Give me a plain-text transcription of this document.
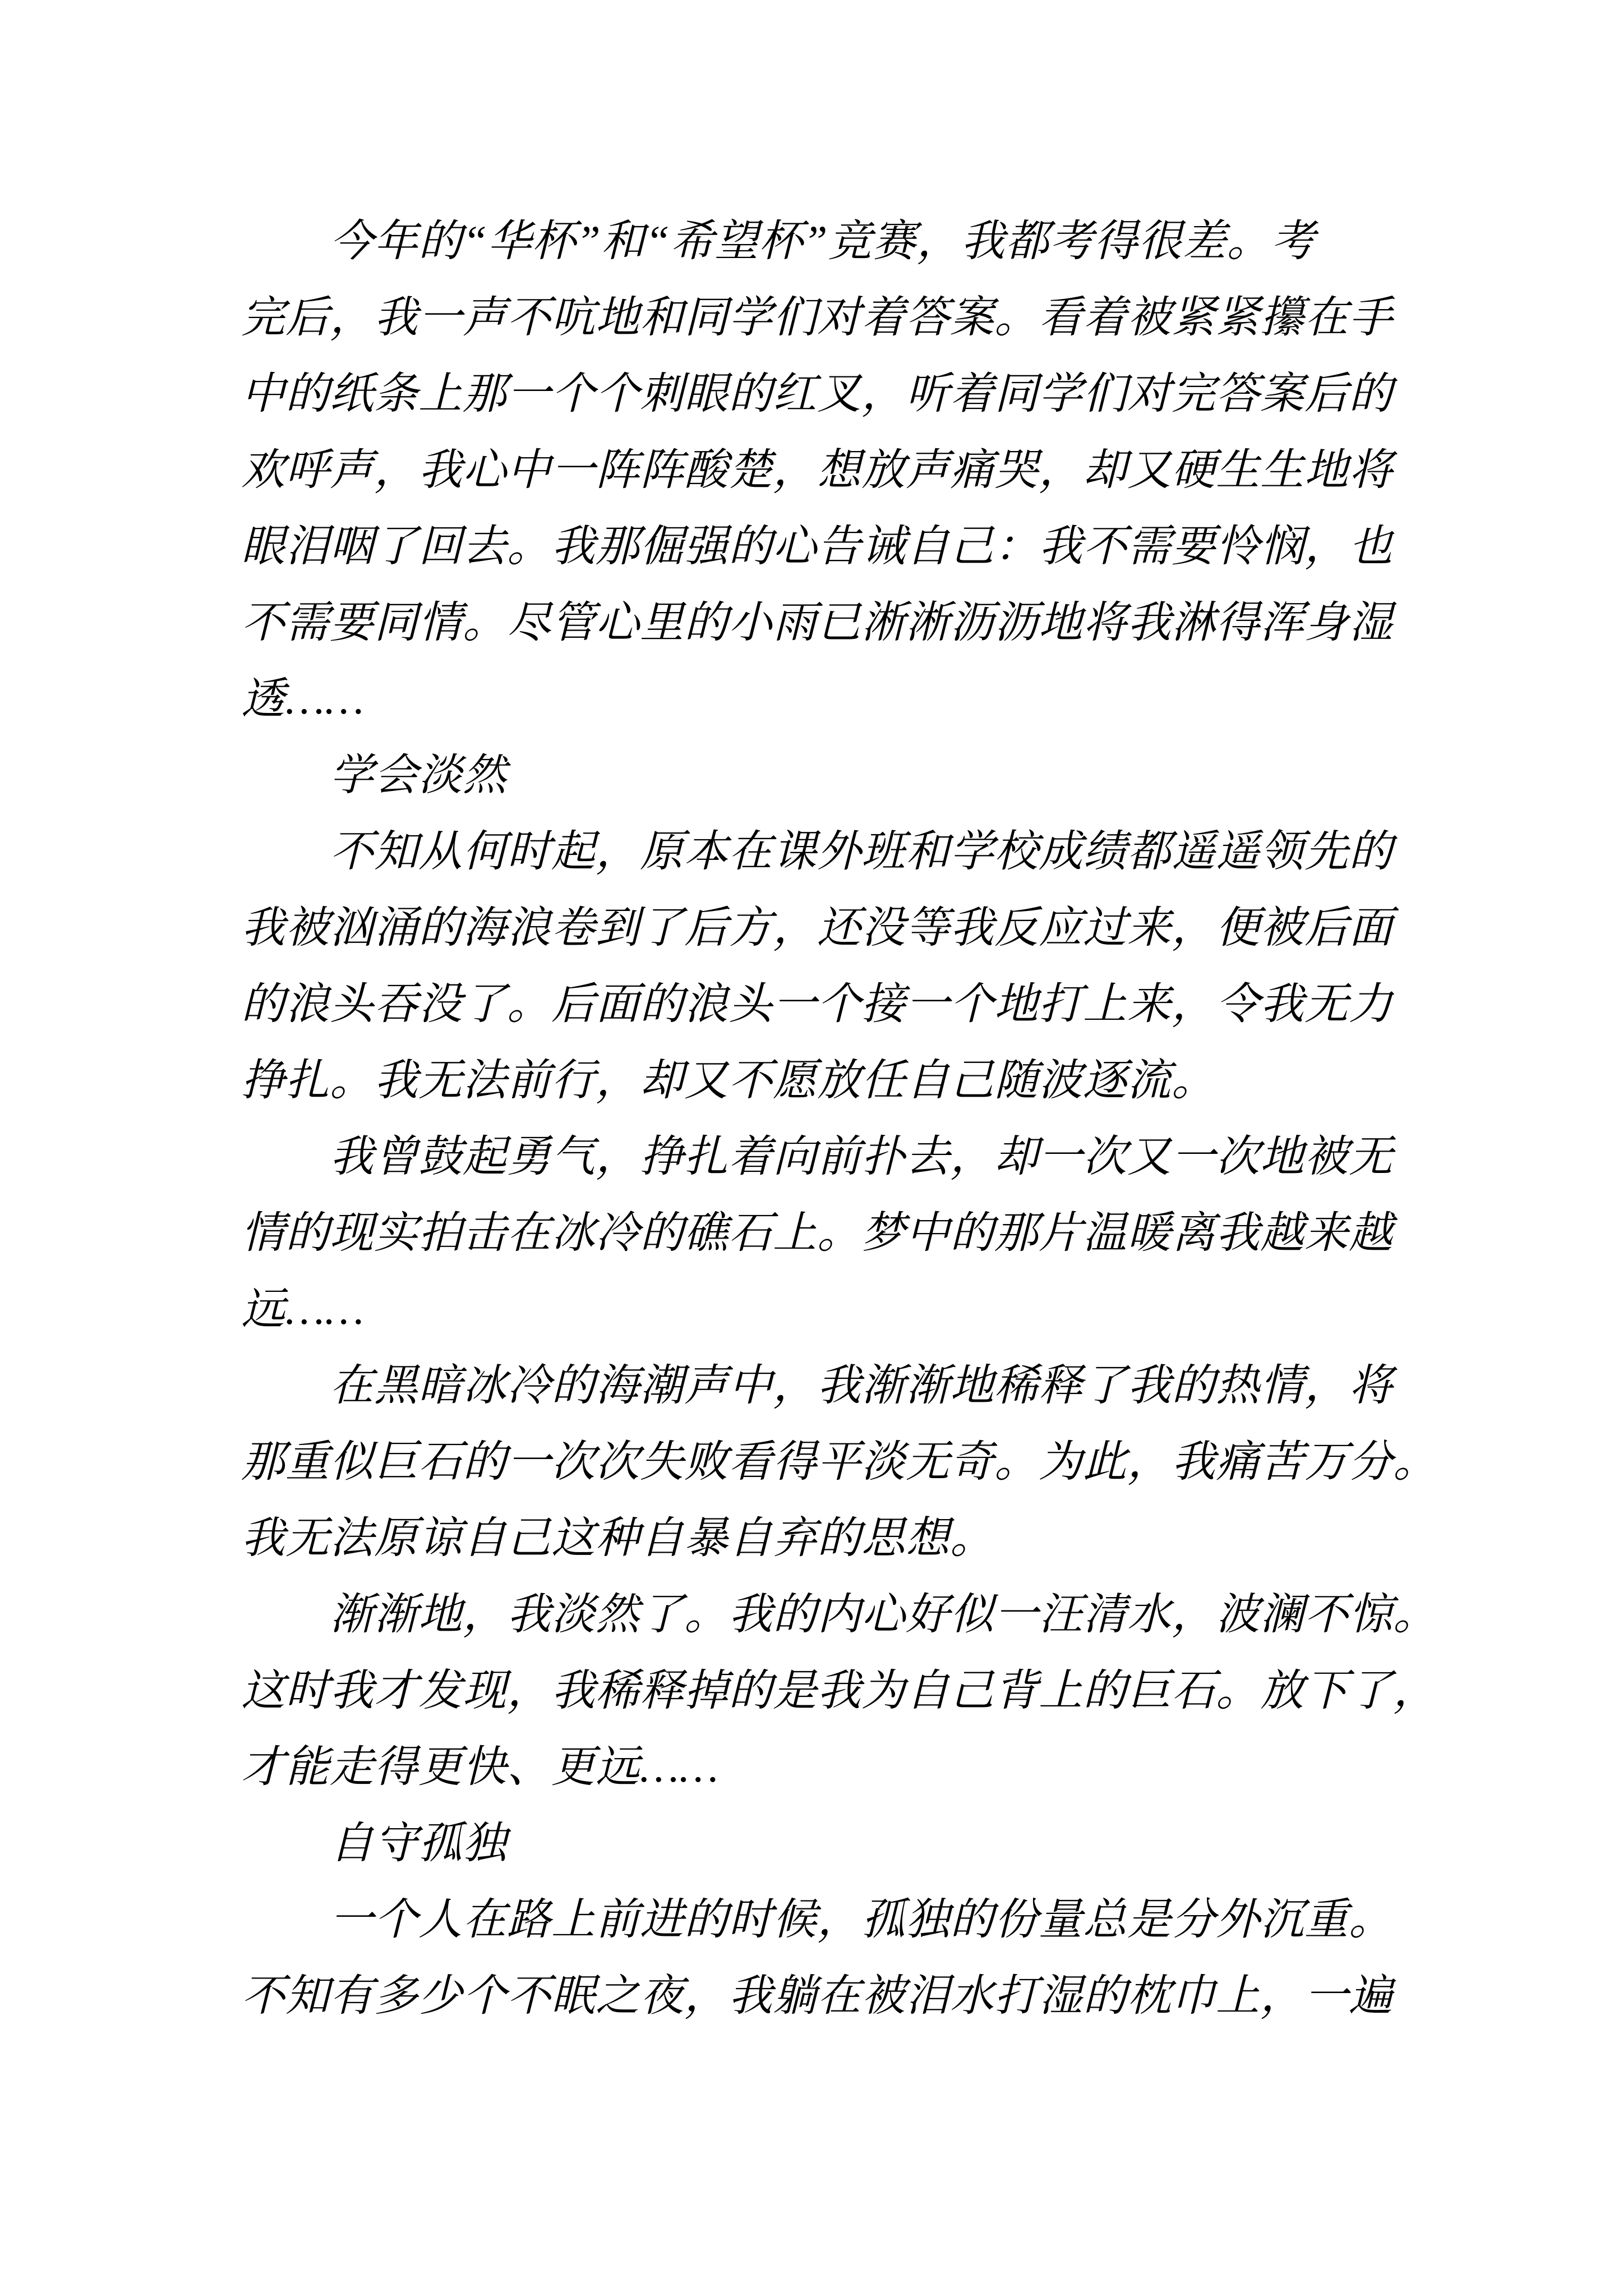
　　今年的“华杯”和“希望杯”竞赛，我都考得很差。考
完后，我一声不吭地和同学们对着答案。看着被紧紧攥在手
中的纸条上那一个个刺眼的红叉，听着同学们对完答案后的
欢呼声，我心中一阵阵酸楚，想放声痛哭，却又硬生生地将
眼泪咽了回去。我那倔强的心告诫自己：我不需要怜悯，也
不需要同情。尽管心里的小雨已淅淅沥沥地将我淋得浑身湿
透……
　　学会淡然
　　不知从何时起，原本在课外班和学校成绩都遥遥领先的
我被汹涌的海浪卷到了后方，还没等我反应过来，便被后面
的浪头吞没了。后面的浪头一个接一个地打上来，令我无力
挣扎。我无法前行，却又不愿放任自己随波逐流。
　　我曾鼓起勇气，挣扎着向前扑去，却一次又一次地被无
情的现实拍击在冰冷的礁石上。梦中的那片温暖离我越来越
远……
　　在黑暗冰冷的海潮声中，我渐渐地稀释了我的热情，将
那重似巨石的一次次失败看得平淡无奇。为此，我痛苦万分。
我无法原谅自己这种自暴自弃的思想。
　　渐渐地，我淡然了。我的内心好似一汪清水，波澜不惊。
这时我才发现，我稀释掉的是我为自己背上的巨石。放下了，
才能走得更快、更远……
　　自守孤独
　　一个人在路上前进的时候，孤独的份量总是分外沉重。
不知有多少个不眠之夜，我躺在被泪水打湿的枕巾上，一遍
